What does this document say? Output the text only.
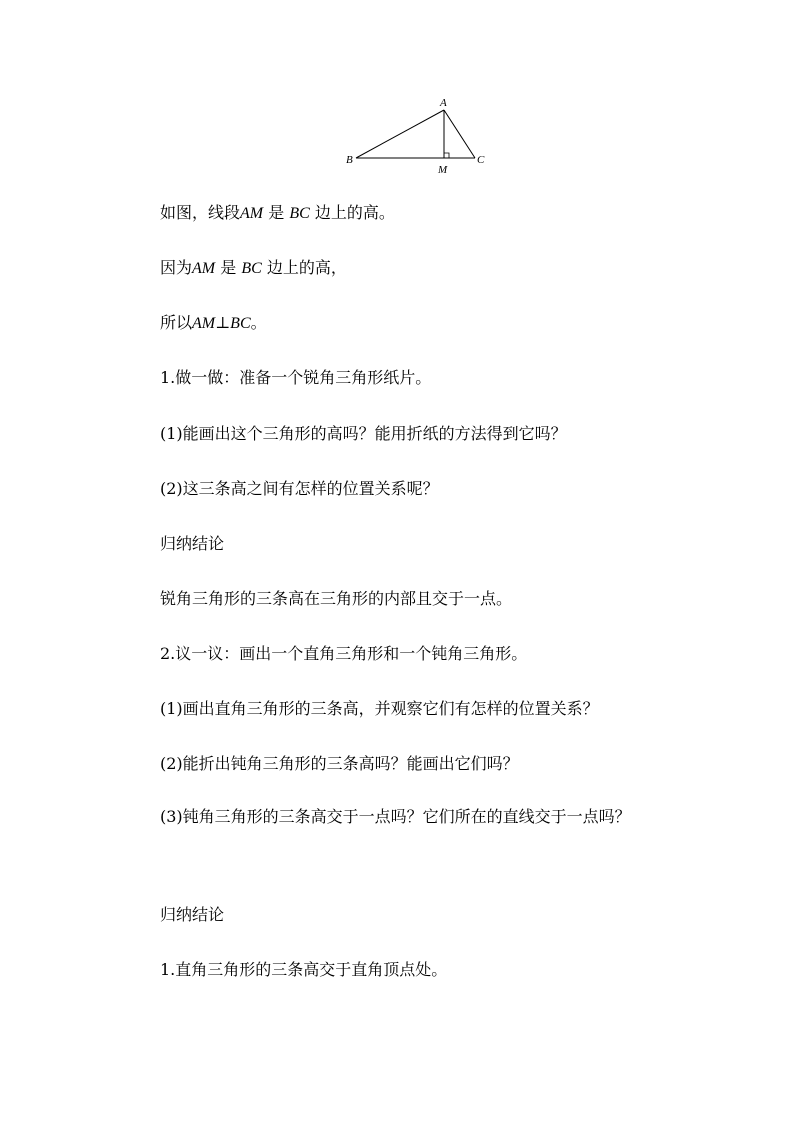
A
B	C
M
如图，线段AM 是 BC 边上的高。
因为AM 是 BC 边上的高，
所以AM⊥BC。
1.做一做：准备一个锐角三角形纸片。
(1)能画出这个三角形的高吗？能用折纸的方法得到它吗？
(2)这三条高之间有怎样的位置关系呢？
归纳结论
锐角三角形的三条高在三角形的内部且交于一点。
2.议一议：画出一个直角三角形和一个钝角三角形。
(1)画出直角三角形的三条高，并观察它们有怎样的位置关系？
(2)能折出钝角三角形的三条高吗？能画出它们吗？
(3)钝角三角形的三条高交于一点吗？它们所在的直线交于一点吗？
归纳结论
1.直角三角形的三条高交于直角顶点处。
